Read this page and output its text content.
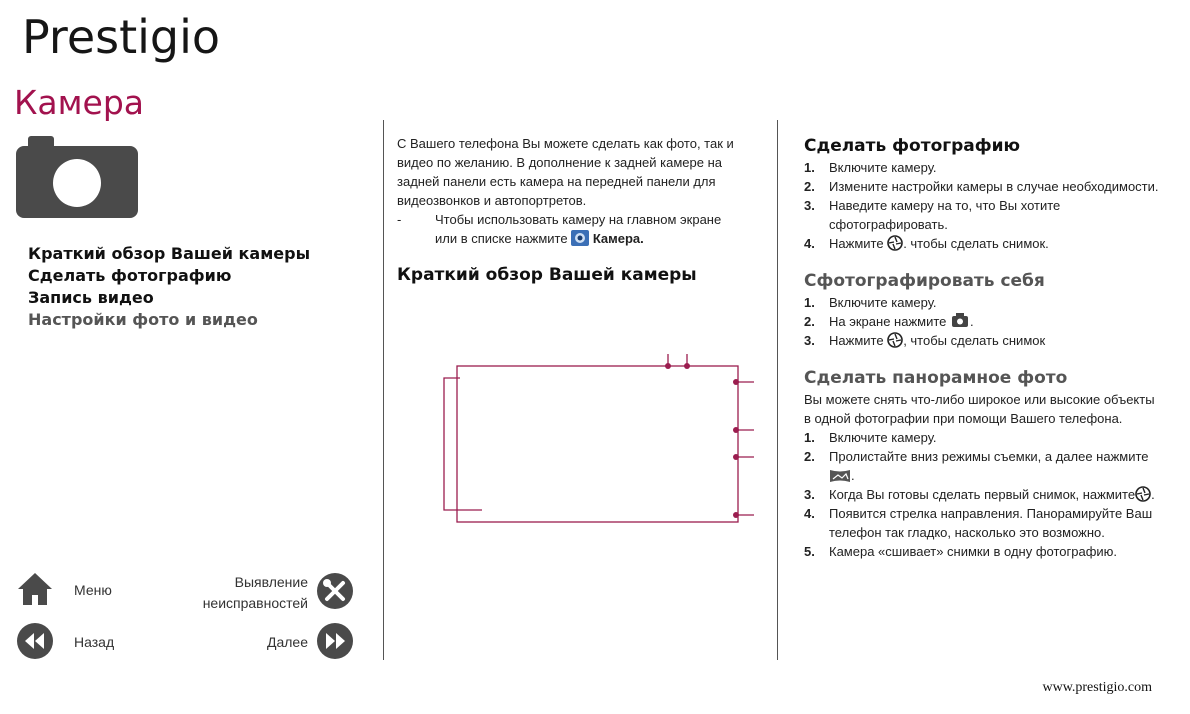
Prestigio
Камера
Краткий обзор Вашей камеры
Сделать фотографию
Запись видео
Настройки фото и видео
Меню	Выявление
неисправностей
Назад	Далее

С Вашего телефона Вы можете сделать как фото, так и видео по желанию. В дополнение к задней камере на задней панели есть камера на передней панели для видеозвонков и автопортретов.

-	Чтобы использовать камеру на главном экране или в списке нажмите Камера.
Краткий обзор Вашей камеры
Сделать фотографию
1.	Включите камеру.
2.	Измените настройки камеры в случае необходимости.
3.	Наведите камеру на то, что Вы хотите сфотографировать.
4.	Нажмите . чтобы сделать снимок.
Сфотографировать себя
1.	Включите камеру.
2.	На экране нажмите .
3.	Нажмите , чтобы сделать снимок
Сделать панорамное фото

Вы можете снять что-либо широкое или высокие объекты в одной фотографии при помощи Вашего телефона.

1.	Включите камеру.
2.	Пролистайте вниз режимы съемки, а далее нажмите .
3.	Когда Вы готовы сделать первый снимок, нажмите .
4.	Появится стрелка направления. Панорамируйте Ваш телефон так гладко, насколько это возможно.
5.	Камера «сшивает» снимки в одну фотографию.
www.prestigio.com
